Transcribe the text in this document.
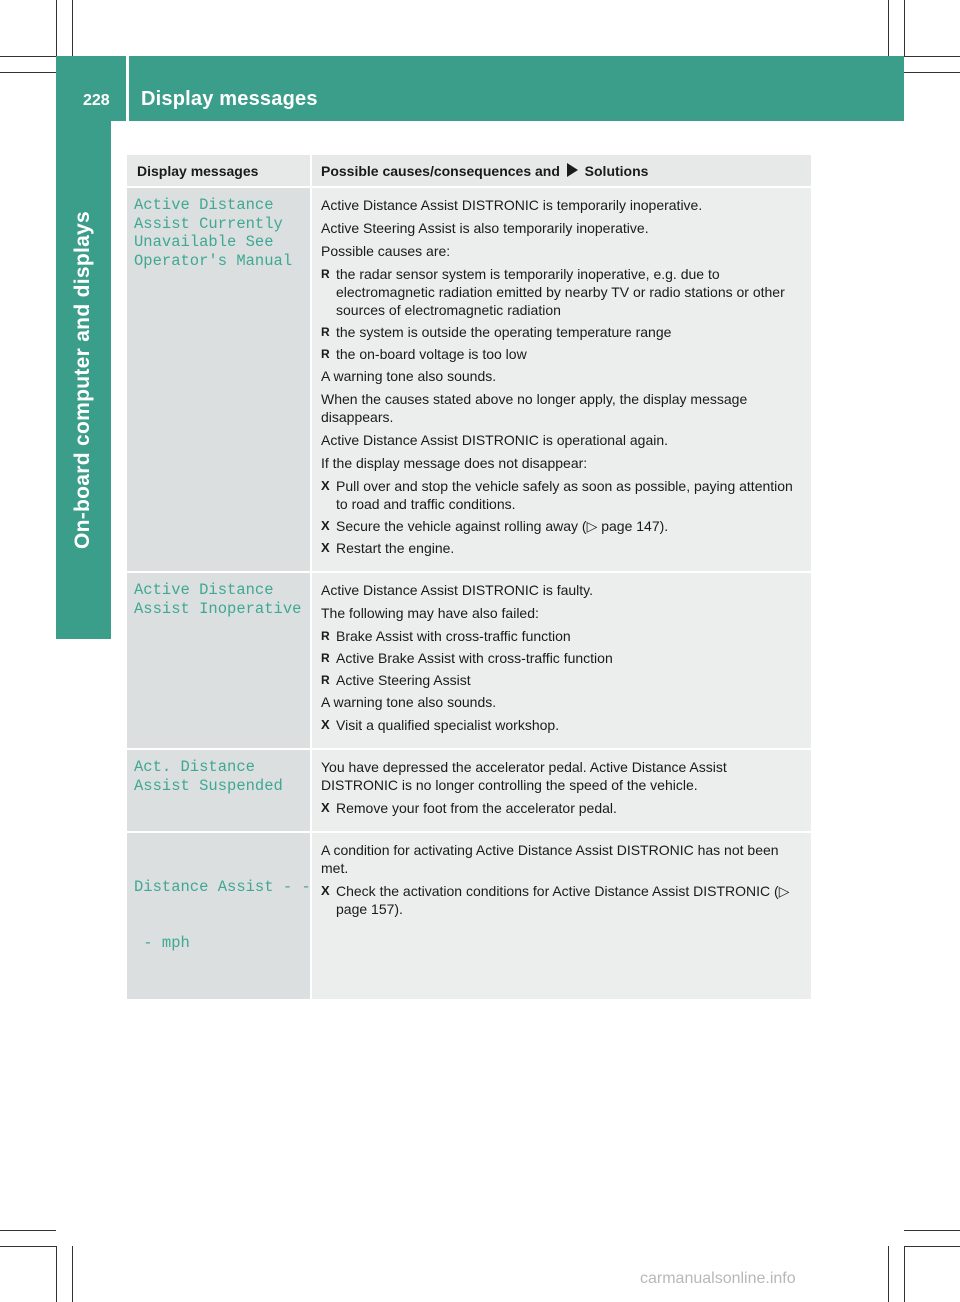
228 Display messages
On-board computer and displays
Display messages	Possible causes/consequences and Solutions
Active Distance
Assist Currently
Unavailable See
Operator's Manual
Active Distance Assist DISTRONIC is temporarily inoperative.
Active Steering Assist is also temporarily inoperative.
Possible causes are:
R the radar sensor system is temporarily inoperative, e.g. due to electromagnetic radiation emitted by nearby TV or radio stations or other sources of electromagnetic radiation
R the system is outside the operating temperature range
R the on-board voltage is too low
A warning tone also sounds.
When the causes stated above no longer apply, the display message disappears.
Active Distance Assist DISTRONIC is operational again.
If the display message does not disappear:
X Pull over and stop the vehicle safely as soon as possible, paying attention to road and traffic conditions.
X Secure the vehicle against rolling away (▷ page 147).
X Restart the engine.
Active Distance
Assist Inoperative
Active Distance Assist DISTRONIC is faulty.
The following may have also failed:
R Brake Assist with cross-traffic function
R Active Brake Assist with cross-traffic function
R Active Steering Assist
A warning tone also sounds.
X Visit a qualified specialist workshop.
Act. Distance
Assist Suspended
You have depressed the accelerator pedal. Active Distance Assist DISTRONIC is no longer controlling the speed of the vehicle.
X Remove your foot from the accelerator pedal.

Distance Assist - -

- mph

A condition for activating Active Distance Assist DISTRONIC has not been met.
X Check the activation conditions for Active Distance Assist DISTRONIC (▷ page 157).
carmanualsonline.info
